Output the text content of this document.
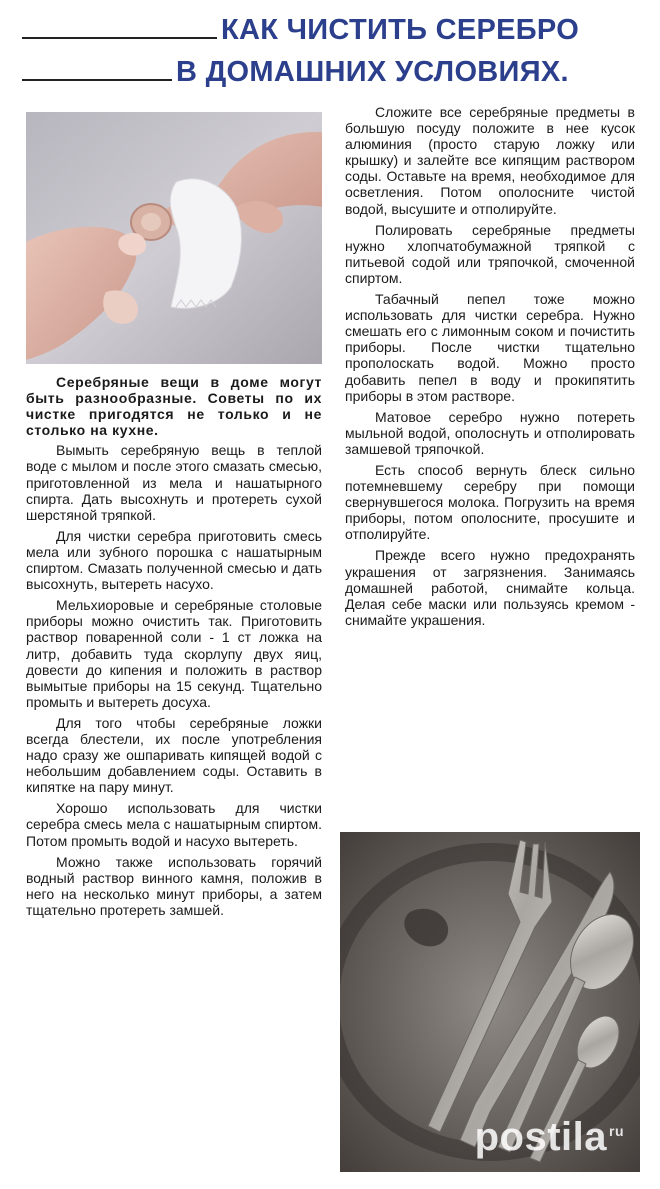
КАК ЧИСТИТЬ СЕРЕБРО
В ДОМАШНИХ УСЛОВИЯХ.

Серебряные вещи в доме могут быть разнообразные. Советы по их чистке пригодятся не только и не столько на кухне.

Вымыть серебряную вещь в теплой воде с мылом и после этого смазать смесью, приготовленной из мела и нашатырного спирта. Дать высохнуть и протереть сухой шерстяной тряпкой.

Для чистки серебра приготовить смесь мела или зубного порошка с нашатырным спиртом. Смазать полученной смесью и дать высохнуть, вытереть насухо.

Мельхиоровые и серебряные столовые приборы можно очистить так. Приготовить раствор поваренной соли - 1 ст ложка на литр, добавить туда скорлупу двух яиц, довести до кипения и положить в раствор вымытые приборы на 15 секунд. Тщательно промыть и вытереть досуха.

Для того чтобы серебряные ложки всегда блестели, их после употребления надо сразу же ошпаривать кипящей водой с небольшим добавлением соды. Оставить в кипятке на пару минут.

Хорошо использовать для чистки серебра смесь мела с нашатырным спиртом. Потом промыть водой и насухо вытереть.

Можно также использовать горячий водный раствор винного камня, положив в него на несколько минут приборы, а затем тщательно протереть замшей.

Сложите все серебряные предметы в большую посуду положите в нее кусок алюминия (просто старую ложку или крышку) и залейте все кипящим раствором соды. Оставьте на время, необходимое для осветления. Потом ополосните чистой водой, высушите и отполируйте.

Полировать серебряные предметы нужно хлопчатобумажной тряпкой с питьевой содой или тряпочкой, смоченной спиртом.

Табачный пепел тоже можно использовать для чистки серебра. Нужно смешать его с лимонным соком и почистить приборы. После чистки тщательно прополоскать водой. Можно просто добавить пепел в воду и прокипятить приборы в этом растворе.

Матовое серебро нужно потереть мыльной водой, ополоснуть и отполировать замшевой тряпочкой.

Есть способ вернуть блеск сильно потемневшему серебру при помощи свернувшегося молока. Погрузить на время приборы, потом ополосните, просушите и отполируйте.

Прежде всего нужно предохранять украшения от загрязнения. Занимаясь домашней работой, снимайте кольца. Делая себе маски или пользуясь кремом - снимайте украшения.

postila $^{ru}$
